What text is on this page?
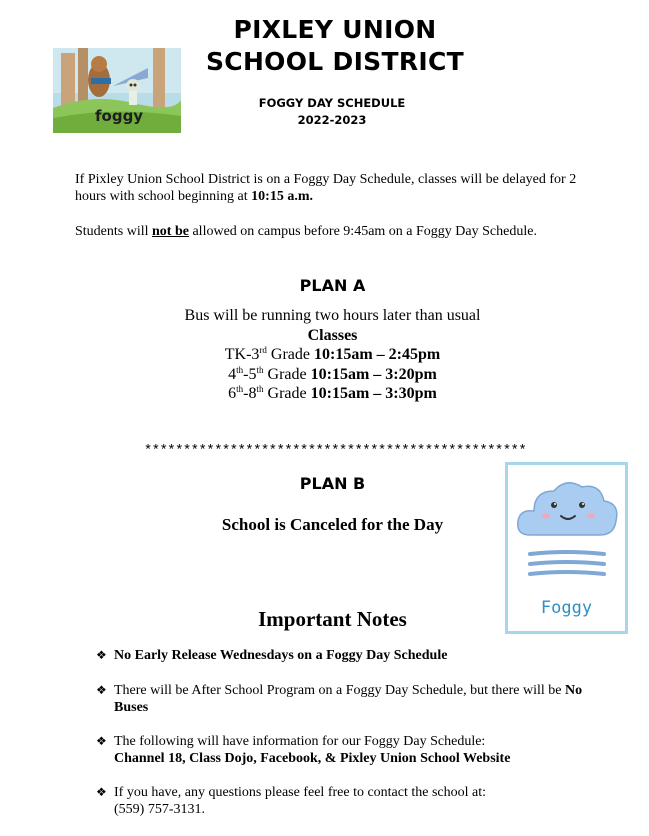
foggy
PIXLEY UNION
SCHOOL DISTRICT
FOGGY DAY SCHEDULE
2022-2023

If Pixley Union School District is on a Foggy Day Schedule, classes will be delayed for 2 hours with school beginning at 10:15 a.m.

Students will not be allowed on campus before 9:45am on a Foggy Day Schedule.

PLAN A
Bus will be running two hours later than usual
Classes
TK-3rd Grade 10:15am – 2:45pm
4th-5th Grade 10:15am – 3:20pm
6th-8th Grade 10:15am – 3:30pm
*************************************************
PLAN B
School is Canceled for the Day
Foggy
Important Notes
❖ No Early Release Wednesdays on a Foggy Day Schedule
❖ There will be After School Program on a Foggy Day Schedule, but there will be No Buses
❖ The following will have information for our Foggy Day Schedule:
Channel 18, Class Dojo, Facebook, & Pixley Union School Website
❖ If you have, any questions please feel free to contact the school at:
(559) 757-3131.
